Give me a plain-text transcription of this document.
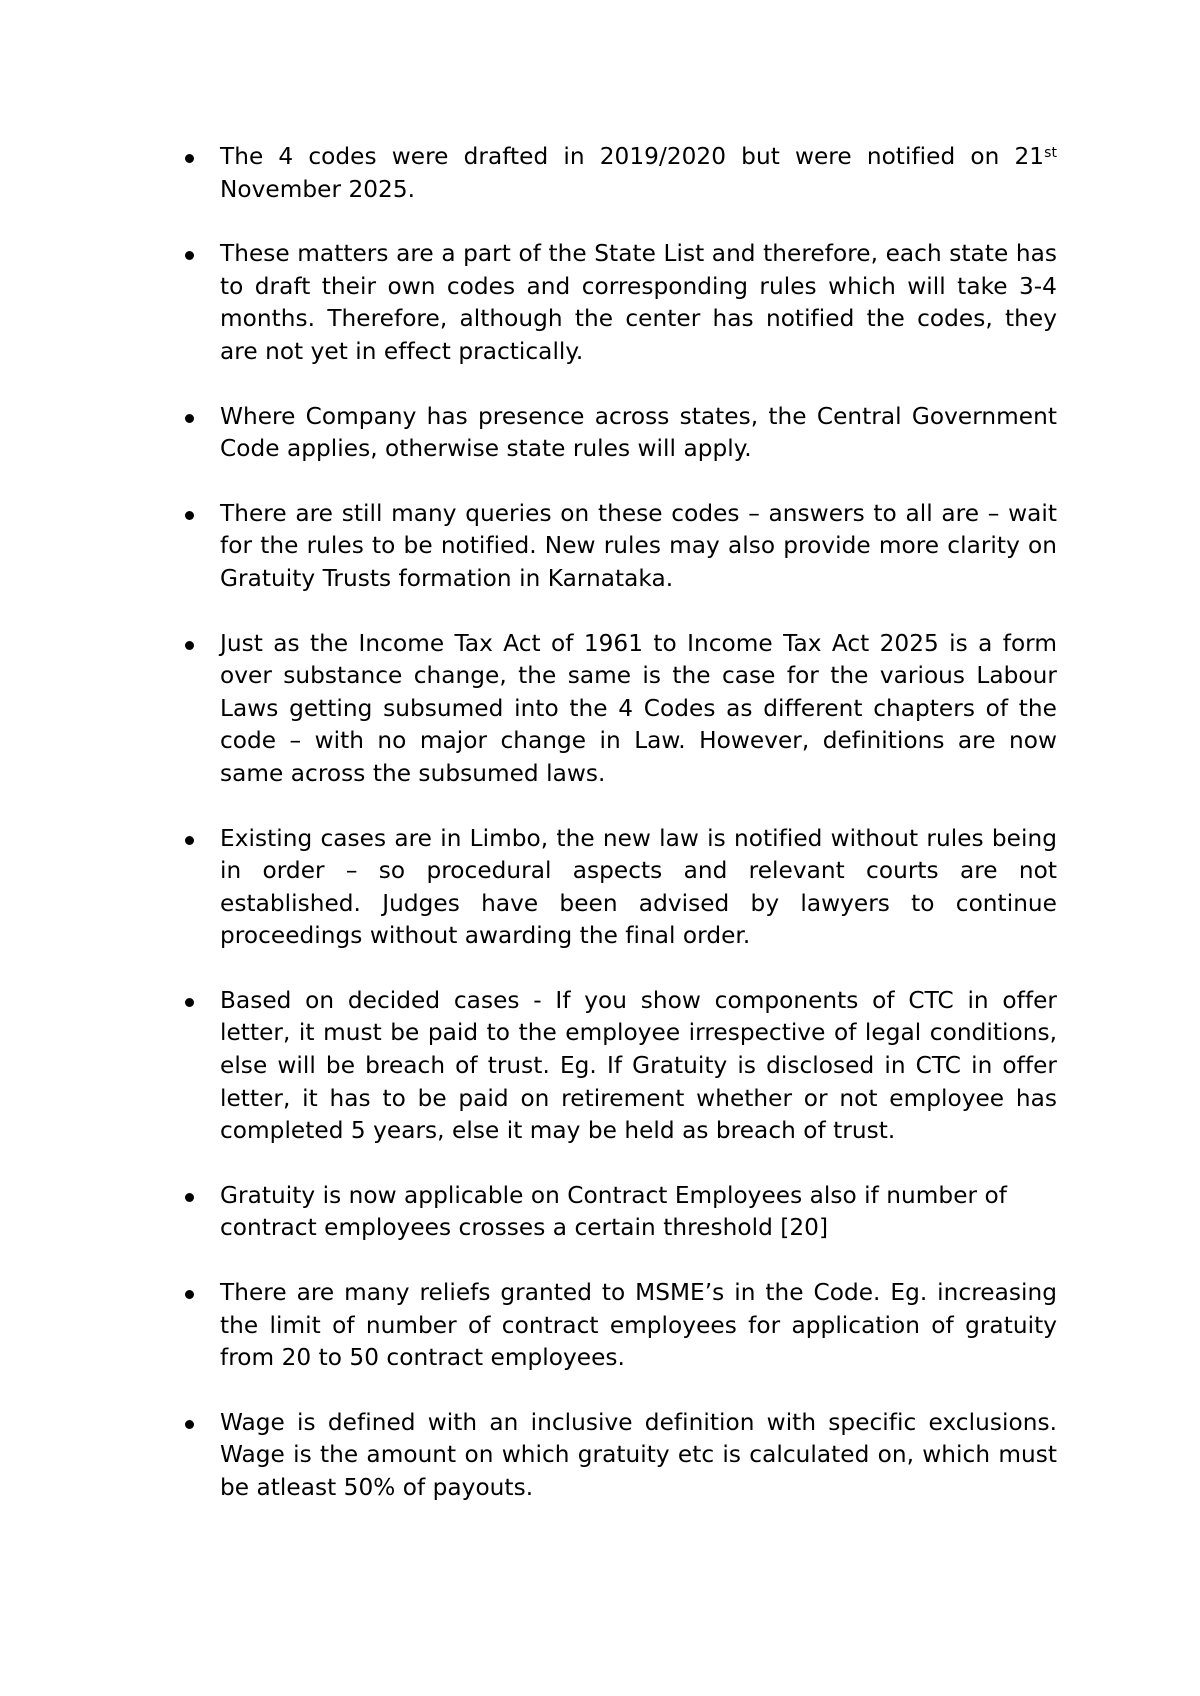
The 4 codes were drafted in 2019/2020 but were notified on 21st November 2025.
These matters are a part of the State List and therefore, each state has to draft their own codes and corresponding rules which will take 3-4 months. Therefore, although the center has notified the codes, they are not yet in effect practically.
Where Company has presence across states, the Central Government Code applies, otherwise state rules will apply.
There are still many queries on these codes – answers to all are – wait for the rules to be notified. New rules may also provide more clarity on Gratuity Trusts formation in Karnataka.
Just as the Income Tax Act of 1961 to Income Tax Act 2025 is a form over substance change, the same is the case for the various Labour Laws getting subsumed into the 4 Codes as different chapters of the code – with no major change in Law. However, definitions are now same across the subsumed laws.
Existing cases are in Limbo, the new law is notified without rules being in order – so procedural aspects and relevant courts are not established. Judges have been advised by lawyers to continue proceedings without awarding the final order.
Based on decided cases - If you show components of CTC in offer letter, it must be paid to the employee irrespective of legal conditions, else will be breach of trust. Eg. If Gratuity is disclosed in CTC in offer letter, it has to be paid on retirement whether or not employee has completed 5 years, else it may be held as breach of trust.
Gratuity is now applicable on Contract Employees also if number of contract employees crosses a certain threshold [20]
There are many reliefs granted to MSME’s in the Code. Eg. increasing the limit of number of contract employees for application of gratuity from 20 to 50 contract employees.
Wage is defined with an inclusive definition with specific exclusions. Wage is the amount on which gratuity etc is calculated on, which must be atleast 50% of payouts.
